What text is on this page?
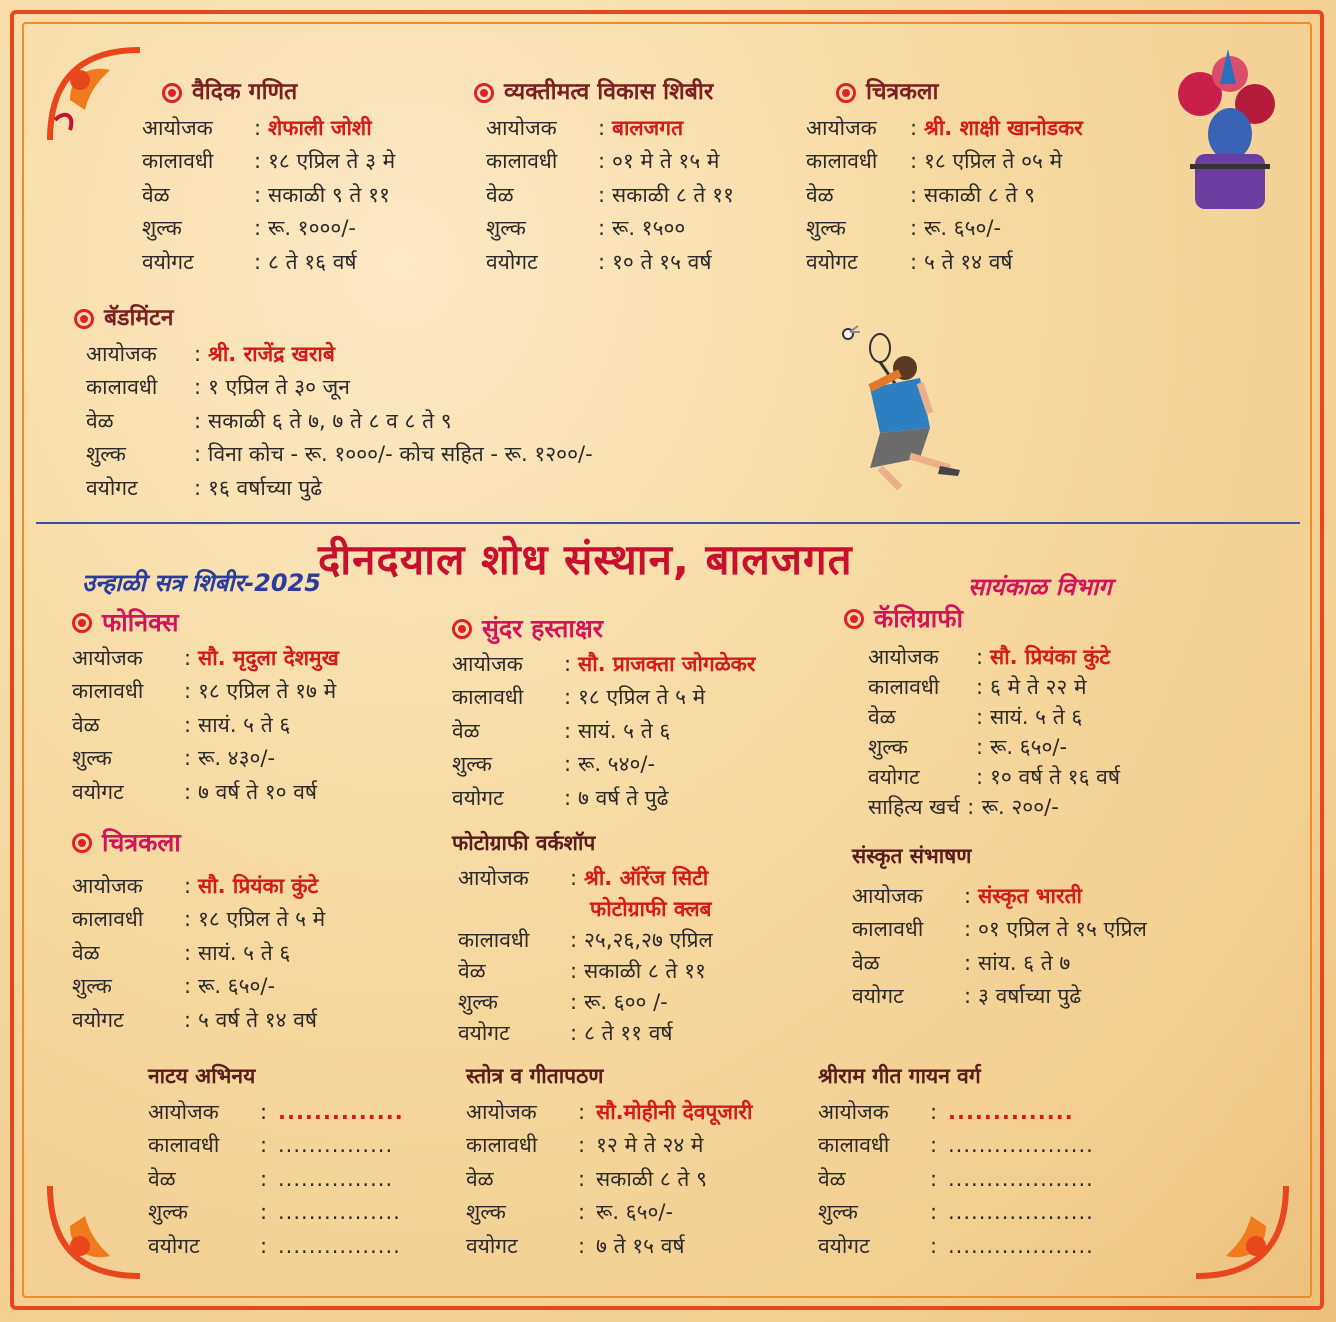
वैदिक गणित
आयोजक	: शेफाली जोशी
कालावधी	: १८ एप्रिल ते ३ मे
वेळ	: सकाळी ९ ते ११
शुल्क	: रू. १०००/-
वयोगट	: ८ ते १६ वर्ष
व्यक्तीमत्व विकास शिबीर
आयोजक	: बालजगत
कालावधी	: ०१ मे ते १५ मे
वेळ	: सकाळी ८ ते ११
शुल्क	: रू. १५००
वयोगट	: १० ते १५ वर्ष
चित्रकला
आयोजक	: श्री. शाक्षी खानोडकर
कालावधी	: १८ एप्रिल ते ०५ मे
वेळ	: सकाळी ८ ते ९
शुल्क	: रू. ६५०/-
वयोगट	: ५ ते १४ वर्ष
बॅडमिंटन
आयोजक	: श्री. राजेंद्र खराबे
कालावधी	: १ एप्रिल ते ३० जून
वेळ	: सकाळी ६ ते ७, ७ ते ८ व ८ ते ९
शुल्क	: विना कोच - रू. १०००/- कोच सहित - रू. १२००/-
वयोगट	: १६ वर्षाच्या पुढे
दीनदयाल शोध संस्थान, बालजगत
उन्हाळी सत्र शिबीर-2025	सायंकाळ विभाग
फोनिक्स
आयोजक	: सौ. मृदुला देशमुख
कालावधी	: १८ एप्रिल ते १७ मे
वेळ	: सायं. ५ ते ६
शुल्क	: रू. ४३०/-
वयोगट	: ७ वर्ष ते १० वर्ष
सुंदर हस्ताक्षर
आयोजक	: सौ. प्राजक्ता जोगळेकर
कालावधी	: १८ एप्रिल ते ५ मे
वेळ	: सायं. ५ ते ६
शुल्क	: रू. ५४०/-
वयोगट	: ७ वर्ष ते पुढे
कॅलिग्राफी
आयोजक	: सौ. प्रियंका कुंटे
कालावधी	: ६ मे ते २२ मे
वेळ	: सायं. ५ ते ६
शुल्क	: रू. ६५०/-
वयोगट	: १० वर्ष ते १६ वर्ष
साहित्य खर्च : रू. २००/-
चित्रकला
आयोजक	: सौ. प्रियंका कुंटे
कालावधी	: १८ एप्रिल ते ५ मे
वेळ	: सायं. ५ ते ६
शुल्क	: रू. ६५०/-
वयोगट	: ५ वर्ष ते १४ वर्ष
फोटोग्राफी वर्कशॉप
आयोजक	: श्री. ऑरेंज सिटी
फोटोग्राफी क्लब
कालावधी	: २५,२६,२७ एप्रिल
वेळ	: सकाळी ८ ते ११
शुल्क	: रू. ६०० /-
वयोगट	: ८ ते ११ वर्ष
संस्कृत संभाषण
आयोजक	: संस्कृत भारती
कालावधी	: ०१ एप्रिल ते १५ एप्रिल
वेळ	: सांय. ६ ते ७
वयोगट	: ३ वर्षाच्या पुढे
नाटय अभिनय
आयोजक	: ..............
कालावधी	: ...............
वेळ	: ...............
शुल्क	: ................
वयोगट	: ................
स्तोत्र व गीतापठण
आयोजक	: सौ.मोहीनी देवपूजारी
कालावधी	: १२ मे ते २४ मे
वेळ	: सकाळी ८ ते ९
शुल्क	: रू. ६५०/-
वयोगट	: ७ ते १५ वर्ष
श्रीराम गीत गायन वर्ग
आयोजक	: ..............
कालावधी	: ...................
वेळ	: ...................
शुल्क	: ...................
वयोगट	: ...................
